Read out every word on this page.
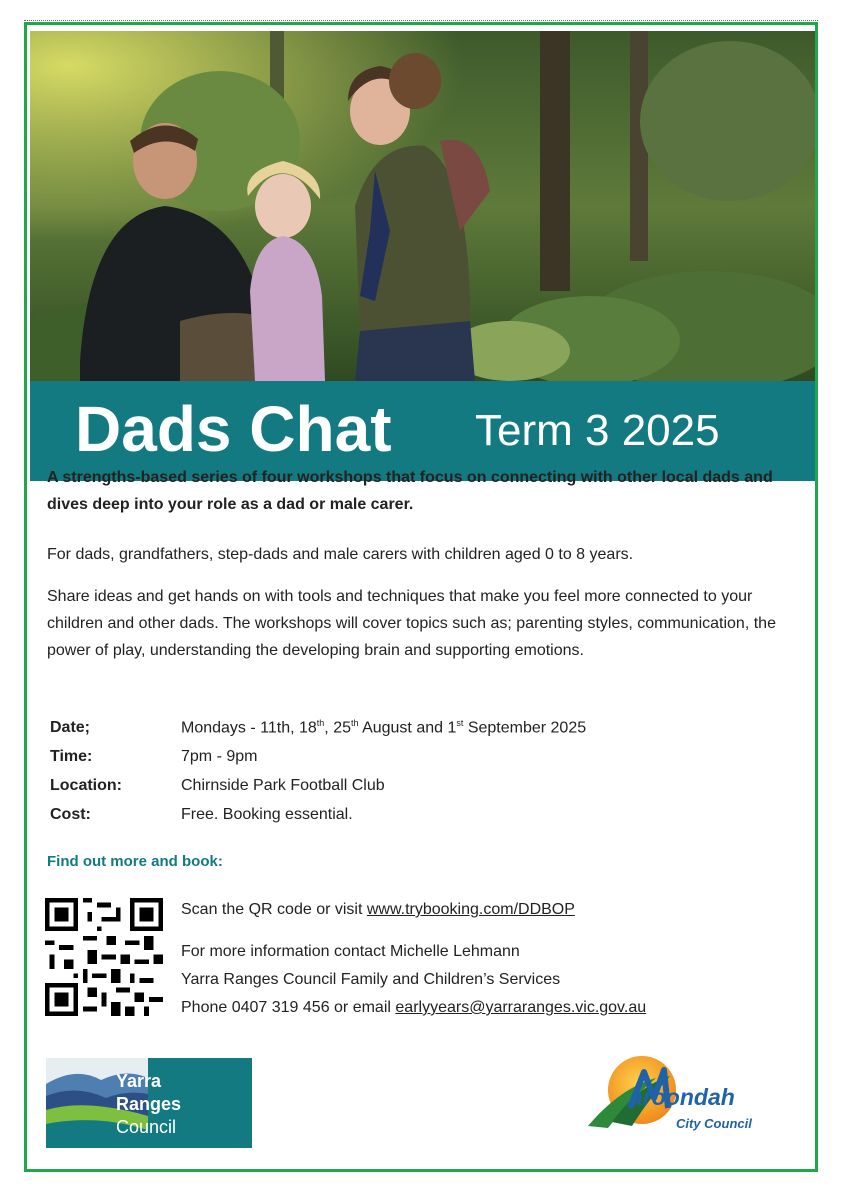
Dads Chat Term 3 2025
A strengths-based series of four workshops that focus on connecting with other local dads and dives deep into your role as a dad or male carer.
For dads, grandfathers, step-dads and male carers with children aged 0 to 8 years.
Share ideas and get hands on with tools and techniques that make you feel more connected to your children and other dads. The workshops will cover topics such as; parenting styles, communication, the power of play, understanding the developing brain and supporting emotions.
Date;	Mondays - 11th, 18th, 25th August and 1st September 2025
Time:	7pm - 9pm
Location:	Chirnside Park Football Club
Cost:	Free. Booking essential.
Find out more and book:
Scan the QR code or visit www.trybooking.com/DDBOP
For more information contact Michelle Lehmann
Yarra Ranges Council Family and Children’s Services
Phone 0407 319 456 or email earlyyears@yarraranges.vic.gov.au
Yarra
Ranges
Council
aroondah
City Council
